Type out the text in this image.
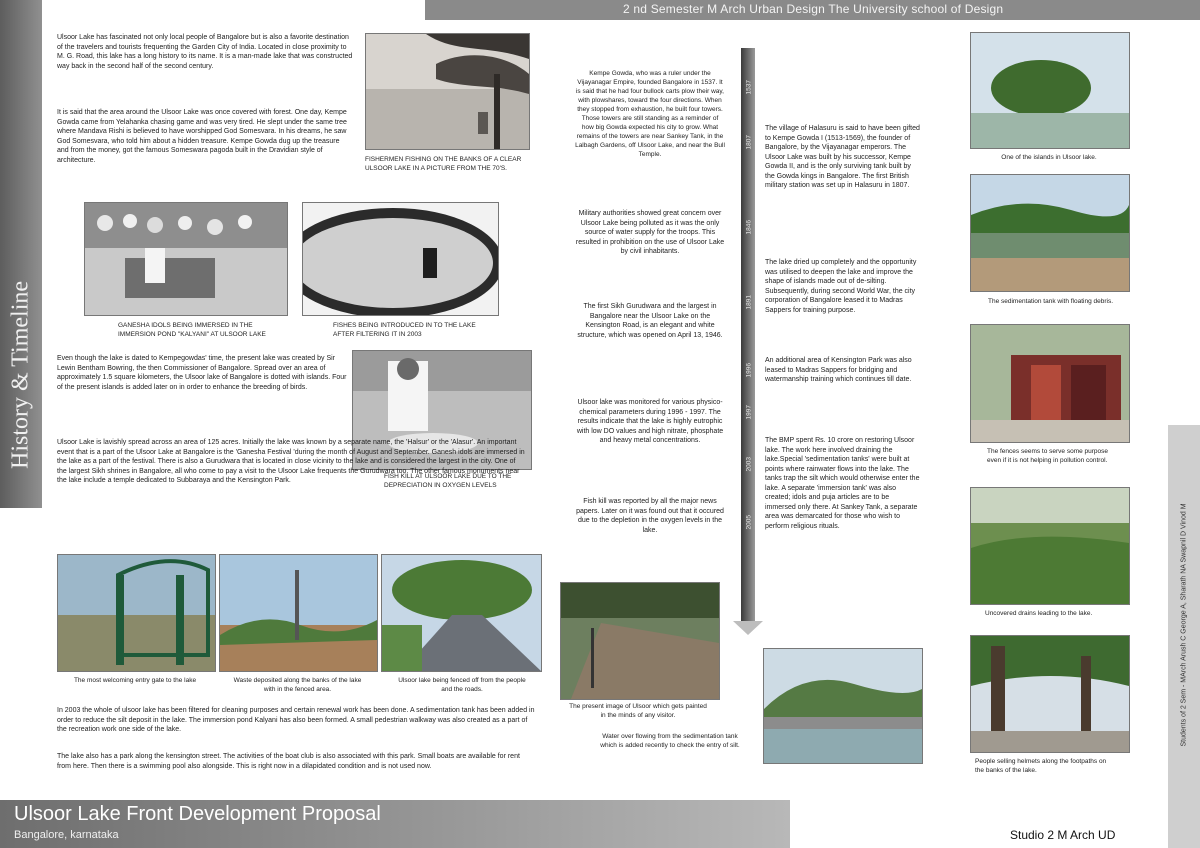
2 nd Semester M Arch Urban Design The University school of Design
History & Timeline
Students of 2 Sem - MArch Arush C George A, Sharath NA Swapnil D Vinod M
Ulsoor Lake has fascinated not only local people of Bangalore but is also a favorite destination of the travelers and tourists frequenting the Garden City of India. Located in close proximity to M. G. Road, this lake has a long history to its name. It is a man-made lake that was constructed way back in the second half of the second century.
It is said that the area around the Ulsoor Lake was once covered with forest. One day, Kempe Gowda came from Yelahanka chasing game and was very tired. He slept under the same tree where Mandava Rishi is believed to have worshipped God Somesvara. In his dreams, he saw God Somesvara, who told him about a hidden treasure. Kempe Gowda dug up the treasure and from the money, got the famous Someswara pagoda built in the Dravidian style of architecture.	FISHERMEN FISHING ON THE BANKS OF A CLEAR ULSOOR LAKE IN A PICTURE FROM THE 70'S.
GANESHA IDOLS BEING IMMERSED IN THE IMMERSION POND "KALYANI" AT ULSOOR LAKE
FISHES BEING INTRODUCED IN TO THE LAKE AFTER FILTERING IT IN 2003
Even though the lake is dated to Kempegowdas' time, the present lake was created by Sir Lewin Bentham Bowring, the then Commissioner of Bangalore. Spread over an area of approximately 1.5 square kilometers, the Ulsoor lake of Bangalore is dotted with islands. Four of the present islands is added later on in order to enhance the breeding of birds.
FISH KILL AT ULSOOR LAKE DUE TO THE DEPRECIATION IN OXYGEN LEVELS
Ulsoor Lake is lavishly spread across an area of 125 acres. Initially the lake was known by a separate name, the 'Halsur' or the 'Alasur'. An important event that is a part of the Ulsoor Lake at Bangalore is the 'Ganesha Festival 'during the month of August and September. Ganesh idols are immersed in the lake as a part of the festival. There is also a Gurudwara that is located in close vicinity to the lake and is considered the largest in the city. One of the largest Sikh shrines in Bangalore, all who come to pay a visit to the Ulsoor Lake frequents the Gurudwara too. The other famous monuments near the lake include a temple dedicated to Subbaraya and the Kensington Park.
The most welcoming entry gate to the lake	Waste deposited along the banks of the lake with in the fenced area.
Ulsoor lake being fenced off from the people and the roads.
In 2003 the whole of ulsoor lake has been filtered for cleaning purposes and certain renewal work has been done. A sedimentation tank has been added in order to reduce the silt deposit in the lake. The immersion pond Kalyani has also been formed. A small pedestrian walkway was also created as a part of the recreation work one side of the lake.
The lake also has a park along the kensington street. The activities of the boat club is also associated with this park. Small boats are available for rent from here. Then there is a swimming pool also alongside. This is right now in a dilapidated condition and is not used now.
1537
1807
1846
1891
1996
1997
2003
2005
Kempe Gowda, who was a ruler under the Vijayanagar Empire, founded Bangalore in 1537. It is said that he had four bullock carts plow their way, with plowshares, toward the four directions. When they stopped from exhaustion, he built four towers. Those towers are still standing as a reminder of how big Gowda expected his city to grow. What remains of the towers are near Sankey Tank, in the Lalbagh Gardens, off Ulsoor Lake, and near the Bull Temple.
Military authorities showed great concern over Ulsoor Lake being polluted as it was the only source of water supply for the troops. This resulted in prohibition on the use of Ulsoor Lake by civil inhabitants.
The first Sikh Gurudwara and the largest in Bangalore near the Ulsoor Lake on the Kensington Road, is an elegant and white structure, which was opened on April 13, 1946.
Ulsoor lake was monitored for various physico-chemical parameters during 1996 - 1997. The results indicate that the lake is highly eutrophic with low DO values and high nitrate, phosphate and heavy metal concentrations.
Fish kill was reported by all the major news papers. Later on it was found out that it occured due to the depletion in the oxygen levels in the lake.
The village of Halasuru is said to have been gifted to Kempe Gowda I (1513-1569), the founder of Bangalore, by the Vijayanagar emperors. The Ulsoor Lake was built by his successor, Kempe Gowda II, and is the only surviving tank built by the Gowda kings in Bangalore. The first British military station was set up in Halasuru in 1807.
The lake dried up completely and the opportunity was utilised to deepen the lake and improve the shape of islands made out of de-silting. Subsequently, during second World War, the city corporation of Bangalore leased it to Madras Sappers for training purpose.
An additional area of Kensington Park was also leased to Madras Sappers for bridging and watermanship training which continues till date.
The BMP spent Rs. 10 crore on restoring Ulsoor lake. The work here involved draining the lake.Special 'sedimentation tanks' were built at points where rainwater flows into the lake. The tanks trap the silt which would otherwise enter the lake. A separate 'immersion tank' was also created; idols and puja articles are to be immersed only there. At Sankey Tank, a separate area was demarcated for those who wish to perform religious rituals.
The present image of Ulsoor which gets painted in the minds of any visitor.
Water over flowing from the sedimentation tank which is added recently to check the entry of silt.
One of the islands in Ulsoor lake.
The sedimentation tank with floating debris.
The fences seems to serve some purpose even if it is not helping in pollution control.
Uncovered drains leading to the lake.
People selling helmets along the footpaths on the banks of the lake.
Ulsoor Lake Front Development Proposal
Bangalore, karnataka	Studio 2 M Arch UD
